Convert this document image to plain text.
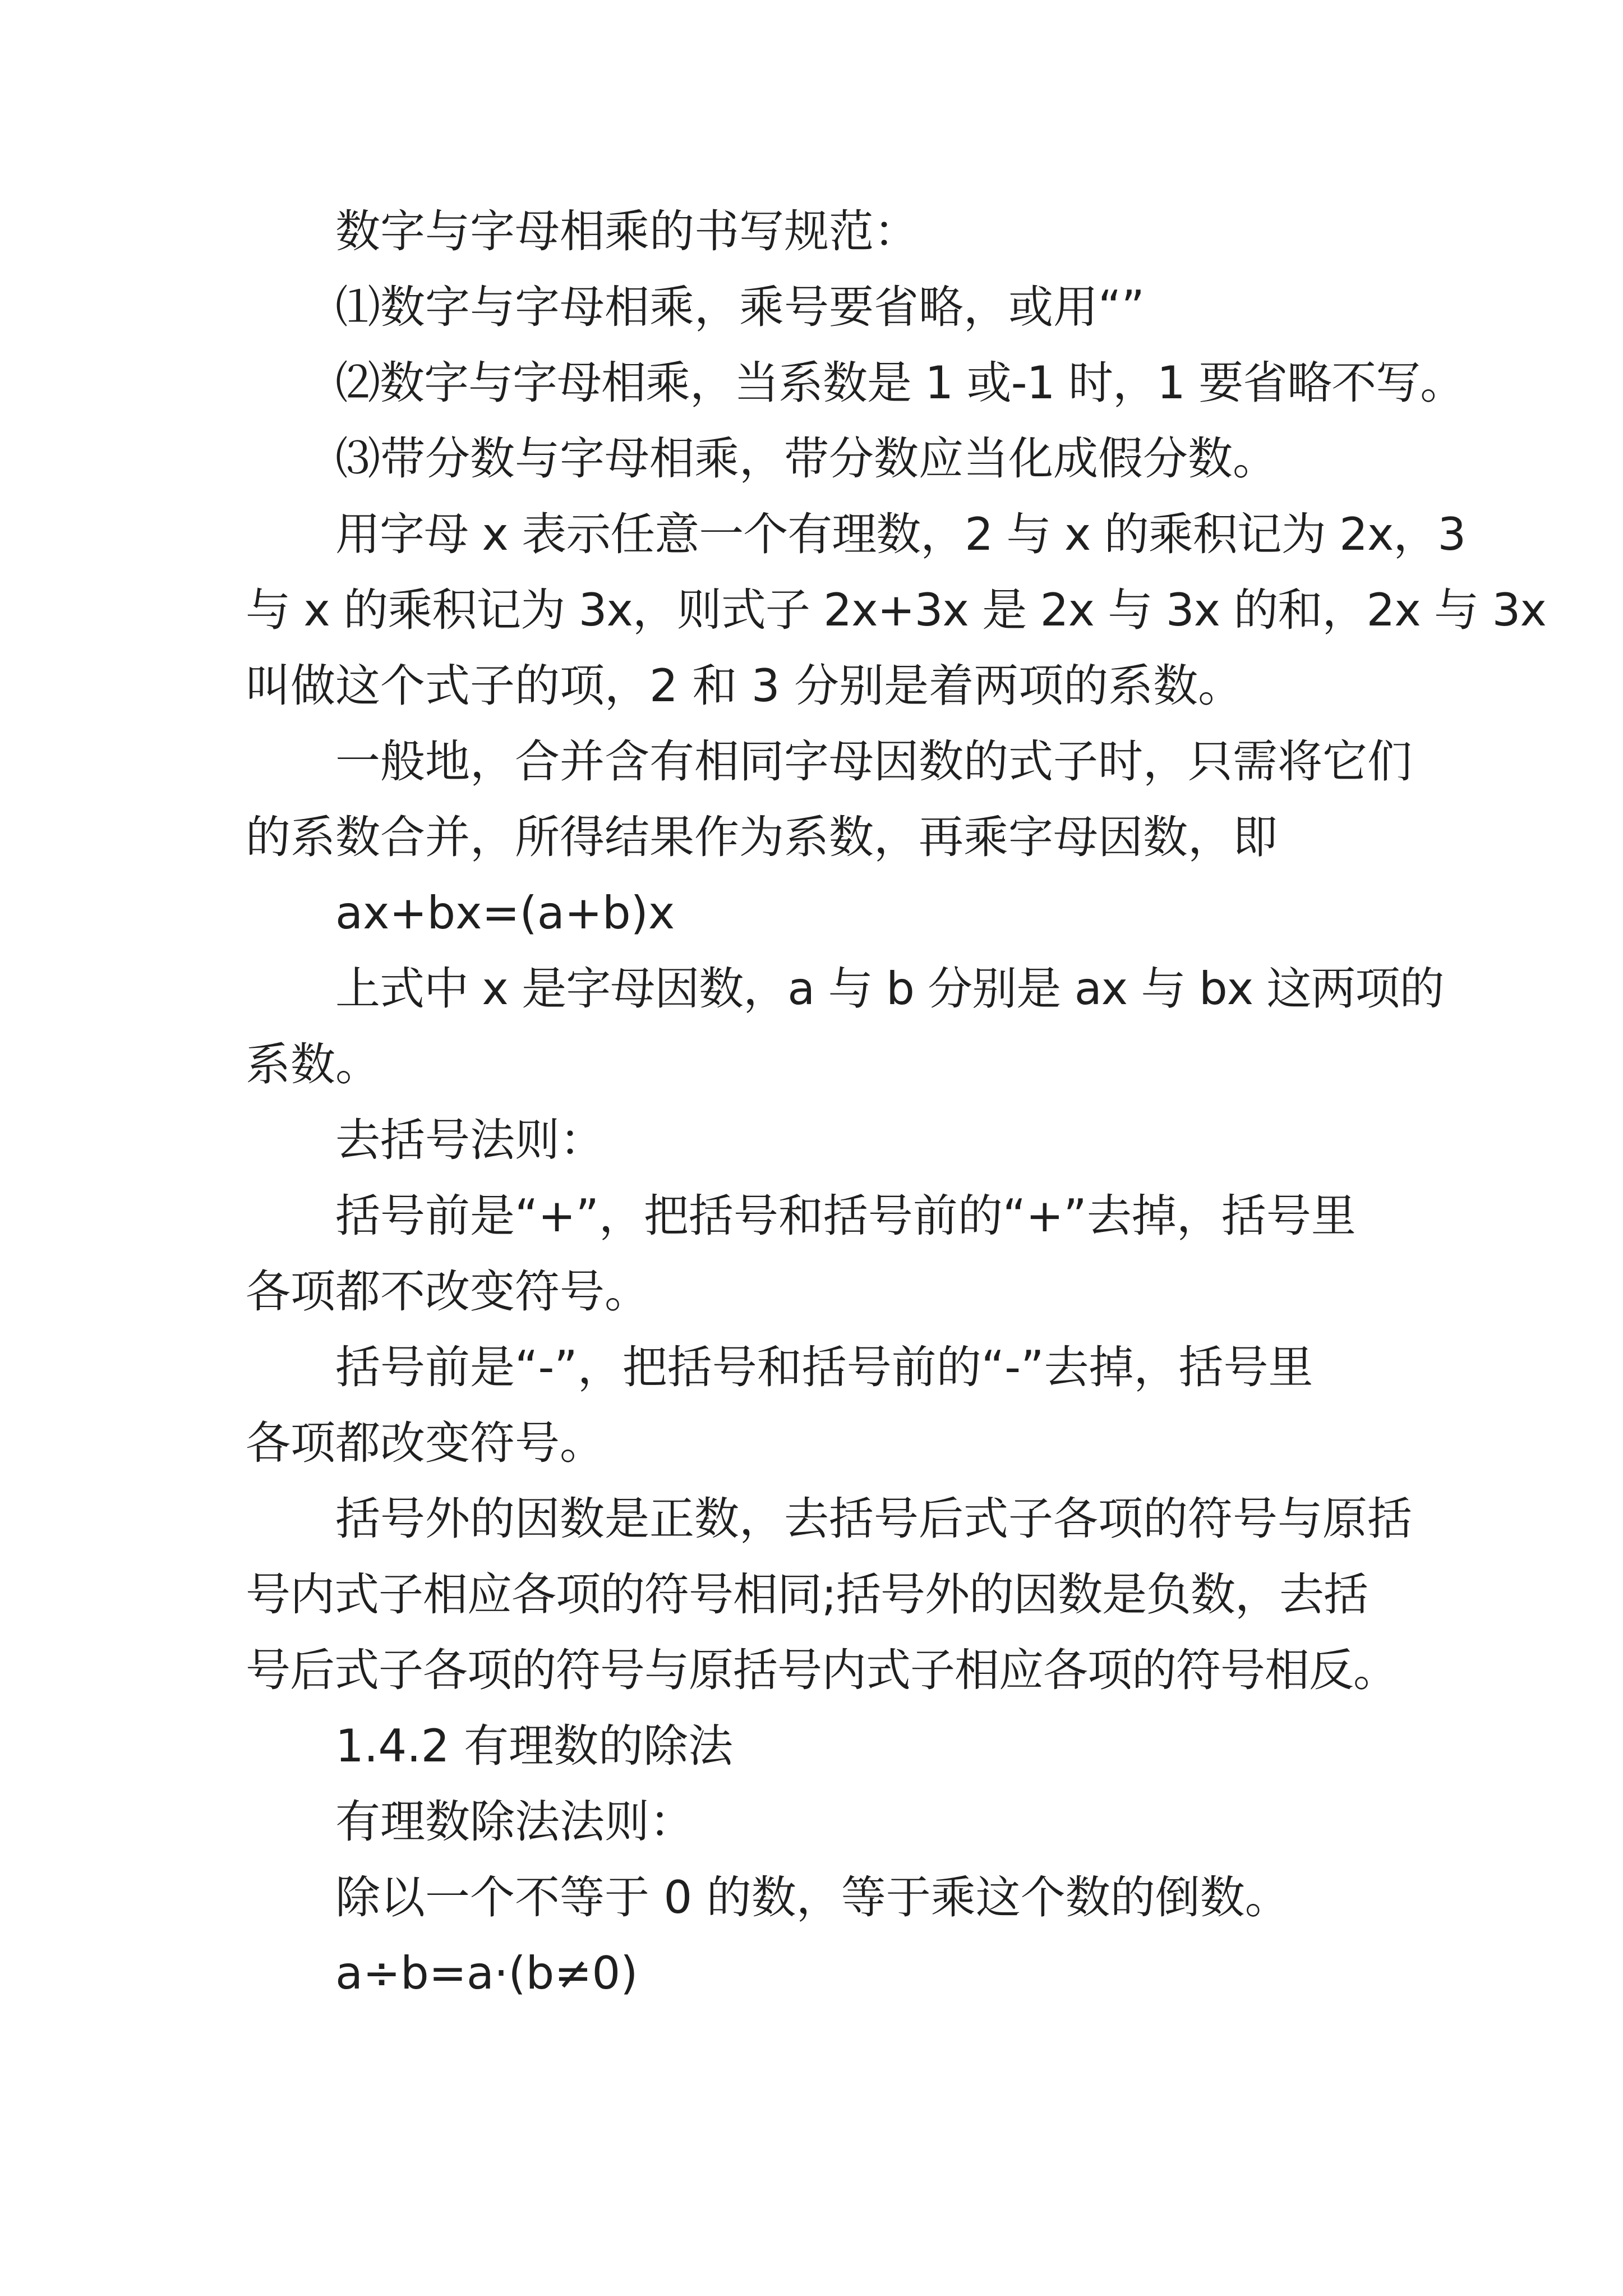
数字与字母相乘的书写规范：
⑴数字与字母相乘，乘号要省略，或用“”
⑵数字与字母相乘，当系数是 1 或-1 时，1 要省略不写。
⑶带分数与字母相乘，带分数应当化成假分数。
用字母 x 表示任意一个有理数，2 与 x 的乘积记为 2x，3
与 x 的乘积记为 3x，则式子 2x+3x 是 2x 与 3x 的和，2x 与 3x
叫做这个式子的项，2 和 3 分别是着两项的系数。
一般地，合并含有相同字母因数的式子时，只需将它们
的系数合并，所得结果作为系数，再乘字母因数，即
ax+bx=(a+b)x
上式中 x 是字母因数，a 与 b 分别是 ax 与 bx 这两项的
系数。
去括号法则：
括号前是“+”，把括号和括号前的“+”去掉，括号里
各项都不改变符号。
括号前是“-”，把括号和括号前的“-”去掉，括号里
各项都改变符号。
括号外的因数是正数，去括号后式子各项的符号与原括
号内式子相应各项的符号相同;括号外的因数是负数，去括
号后式子各项的符号与原括号内式子相应各项的符号相反。
1.4.2 有理数的除法
有理数除法法则：
除以一个不等于 0 的数，等于乘这个数的倒数。
a÷b=a·(b≠0)
